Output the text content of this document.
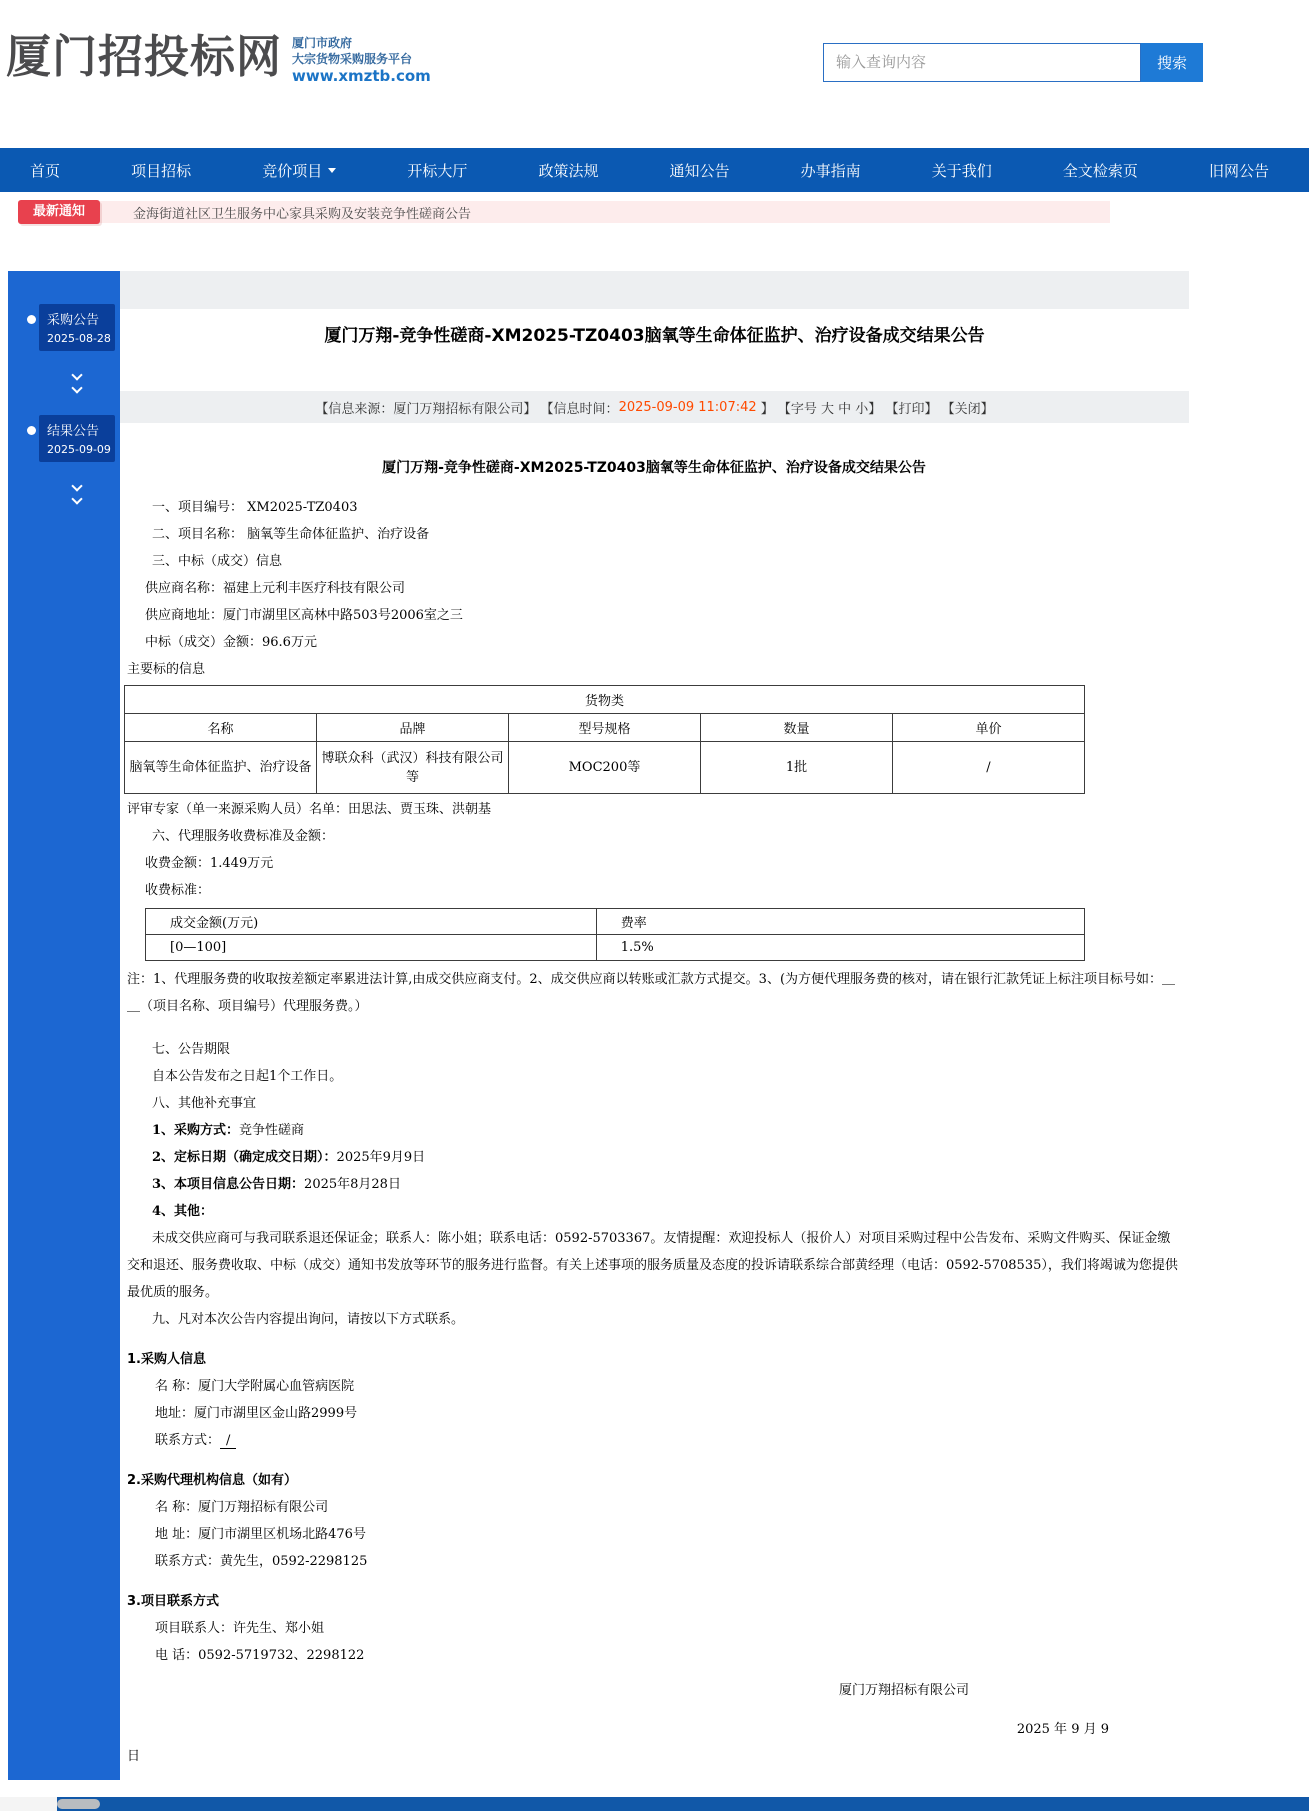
厦门招投标网 厦门市政府
大宗货物采购服务平台
www.xmztb.com
输入查询内容
搜索
首页	项目招标	竞价项目	开标大厅	政策法规	通知公告	办事指南	关于我们	全文检索页	旧网公告
最新通知	金海街道社区卫生服务中心家具采购及安装竞争性磋商公告
采购公告
2025-08-28
结果公告
2025-09-09
厦门万翔-竞争性磋商-XM2025-TZ0403脑氧等生命体征监护、治疗设备成交结果公告
【信息来源：厦门万翔招标有限公司】 【信息时间： 2025-09-09 11:07:42 】 【字号 大 中 小】 【打印】 【关闭】
厦门万翔-竞争性磋商-XM2025-TZ0403脑氧等生命体征监护、治疗设备成交结果公告
一、项目编号： XM2025-TZ0403
二、项目名称： 脑氧等生命体征监护、治疗设备
三、中标（成交）信息
供应商名称：福建上元利丰医疗科技有限公司
供应商地址：厦门市湖里区高林中路503号2006室之三
中标（成交）金额：96.6万元
主要标的信息
货物类				
名称	品牌	型号规格	数量	单价
脑氧等生命体征监护、治疗设备	博联众科（武汉）科技有限公司等	MOC200等	1批	/
评审专家（单一来源采购人员）名单：田思法、贾玉珠、洪朝基
六、代理服务收费标准及金额：
收费金额：1.449万元
收费标准：
成交金额(万元)	费率
[0—100]	1.5%
注：1、代理服务费的收取按差额定率累进法计算,由成交供应商支付。2、成交供应商以转账或汇款方式提交。3、(为方便代理服务费的核对，请在银行汇款凭证上标注项目标号如：＿＿（项目名称、项目编号）代理服务费。）
七、公告期限
自本公告发布之日起1个工作日。
八、其他补充事宜
1、采购方式：竞争性磋商
2、定标日期（确定成交日期）：2025年9月9日
3、本项目信息公告日期：2025年8月28日
4、其他：
未成交供应商可与我司联系退还保证金；联系人：陈小姐；联系电话：0592-5703367。友情提醒：欢迎投标人（报价人）对项目采购过程中公告发布、采购文件购买、保证金缴交和退还、服务费收取、中标（成交）通知书发放等环节的服务进行监督。有关上述事项的服务质量及态度的投诉请联系综合部黄经理（电话：0592-5708535），我们将竭诚为您提供最优质的服务。
九、凡对本次公告内容提出询问，请按以下方式联系。
1.采购人信息
名 称：厦门大学附属心血管病医院
地址：厦门市湖里区金山路2999号
联系方式： /
2.采购代理机构信息（如有）
名 称：厦门万翔招标有限公司
地 址：厦门市湖里区机场北路476号
联系方式：黄先生，0592-2298125
3.项目联系方式
项目联系人：许先生、郑小姐
电 话：0592-5719732、2298122
厦门万翔招标有限公司
2025 年 9 月 9
日
